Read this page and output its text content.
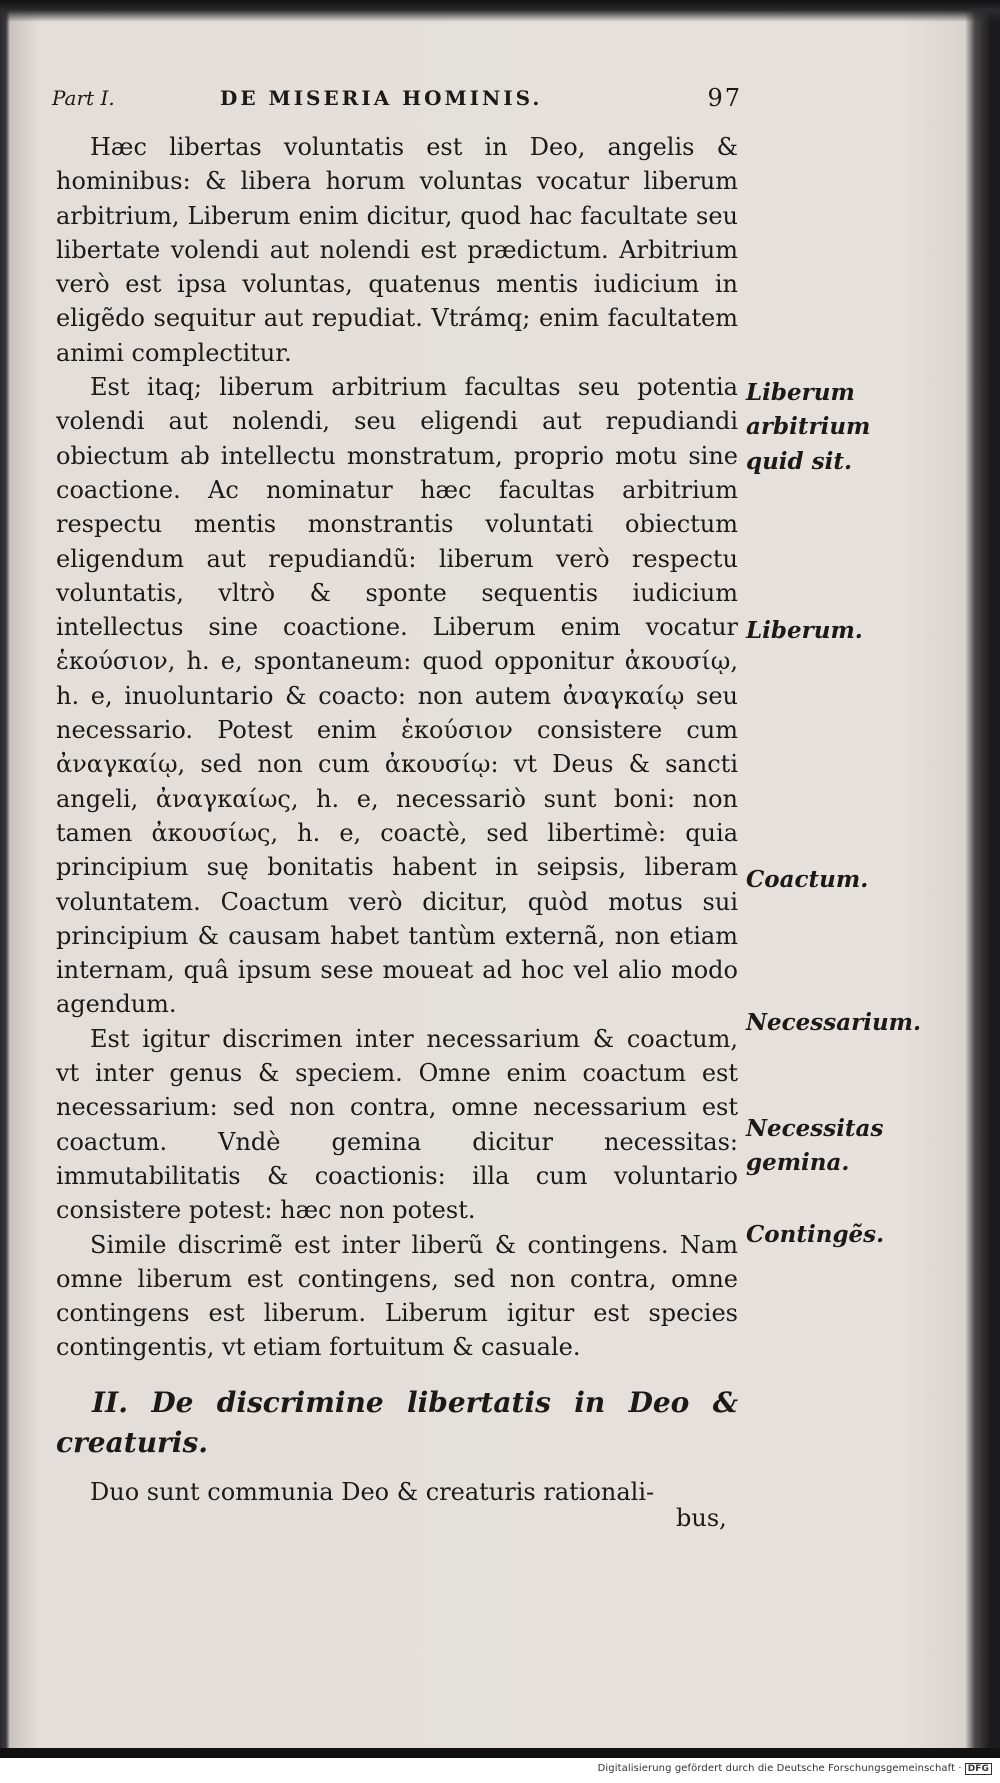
Part I.	DE MISERIA HOMINIS.	97

Hæc libertas voluntatis est in Deo, angelis & hominibus: & libera horum voluntas vocatur liberum arbitrium, Liberum enim dicitur, quod hac facultate seu libertate volendi aut nolendi est prædictum. Arbitrium verò est ipsa voluntas, quatenus mentis iudicium in eligẽdo sequitur aut repudiat. Vtrámq; enim facultatem animi complectitur.

Est itaq; liberum arbitrium facultas seu potentia volendi aut nolendi, seu eligendi aut repudiandi obiectum ab intellectu monstratum, proprio motu sine coactione. Ac nominatur hæc facultas arbitrium respectu mentis monstrantis voluntati obiectum eligendum aut repudiandũ: liberum verò respectu voluntatis, vltrò & sponte sequentis iudicium intellectus sine coactione. Liberum enim vocatur ἑκούσιον, h. e, spontaneum: quod opponitur ἀκουσίῳ, h. e, inuoluntario & coacto: non autem ἀναγκαίῳ seu necessario. Potest enim ἑκούσιον consistere cum ἀναγκαίῳ, sed non cum ἀκουσίῳ: vt Deus & sancti angeli, ἀναγκαίως, h. e, necessariò sunt boni: non tamen ἀκουσίως, h. e, coactè, sed libertimè: quia principium suę bonitatis habent in seipsis, liberam voluntatem. Coactum verò dicitur, quòd motus sui principium & causam habet tantùm externã, non etiam internam, quâ ipsum sese moueat ad hoc vel alio modo agendum.

Est igitur discrimen inter necessarium & coactum, vt inter genus & speciem. Omne enim coactum est necessarium: sed non contra, omne necessarium est coactum. Vndè gemina dicitur necessitas: immutabilitatis & coactionis: illa cum voluntario consistere potest: hæc non potest.

Simile discrimẽ est inter liberũ & contingens. Nam omne liberum est contingens, sed non contra, omne contingens est liberum. Liberum igitur est species contingentis, vt etiam fortuitum & casuale.

II. De discrimine libertatis in Deo & creaturis.

Duo sunt communia Deo & creaturis rationali-

bus,
Liberum arbitrium quid sit.
Liberum.
Coactum.
Necessarium.
Necessitas gemina.
Contingẽs.
Digitalisierung gefördert durch die Deutsche Forschungsgemeinschaft · DFG
